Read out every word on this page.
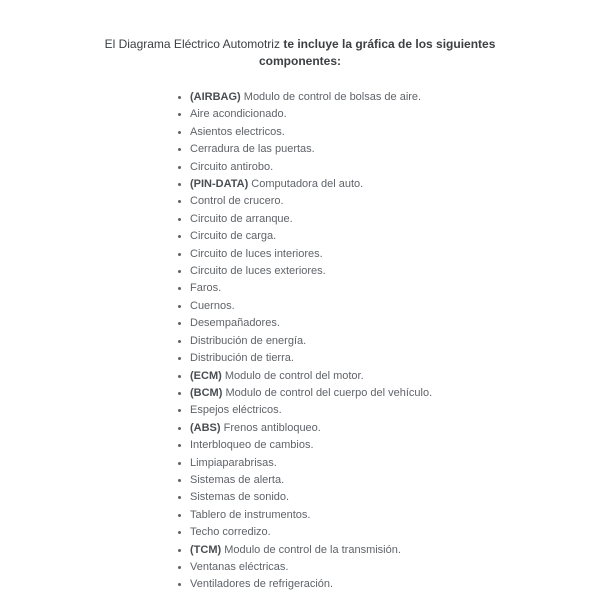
El Diagrama Eléctrico Automotriz te incluye la gráfica de los siguientes componentes:
• (AIRBAG) Modulo de control de bolsas de aire.
• Aire acondicionado.
• Asientos electricos.
• Cerradura de las puertas.
• Circuito antirobo.
• (PIN-DATA) Computadora del auto.
• Control de crucero.
• Circuito de arranque.
• Circuito de carga.
• Circuito de luces interiores.
• Circuito de luces exteriores.
• Faros.
• Cuernos.
• Desempañadores.
• Distribución de energía.
• Distribución de tierra.
• (ECM) Modulo de control del motor.
• (BCM) Modulo de control del cuerpo del vehículo.
• Espejos eléctricos.
• (ABS) Frenos antibloqueo.
• Interbloqueo de cambios.
• Limpiaparabrisas.
• Sistemas de alerta.
• Sistemas de sonido.
• Tablero de instrumentos.
• Techo corredizo.
• (TCM) Modulo de control de la transmisión.
• Ventanas eléctricas.
• Ventiladores de refrigeración.
